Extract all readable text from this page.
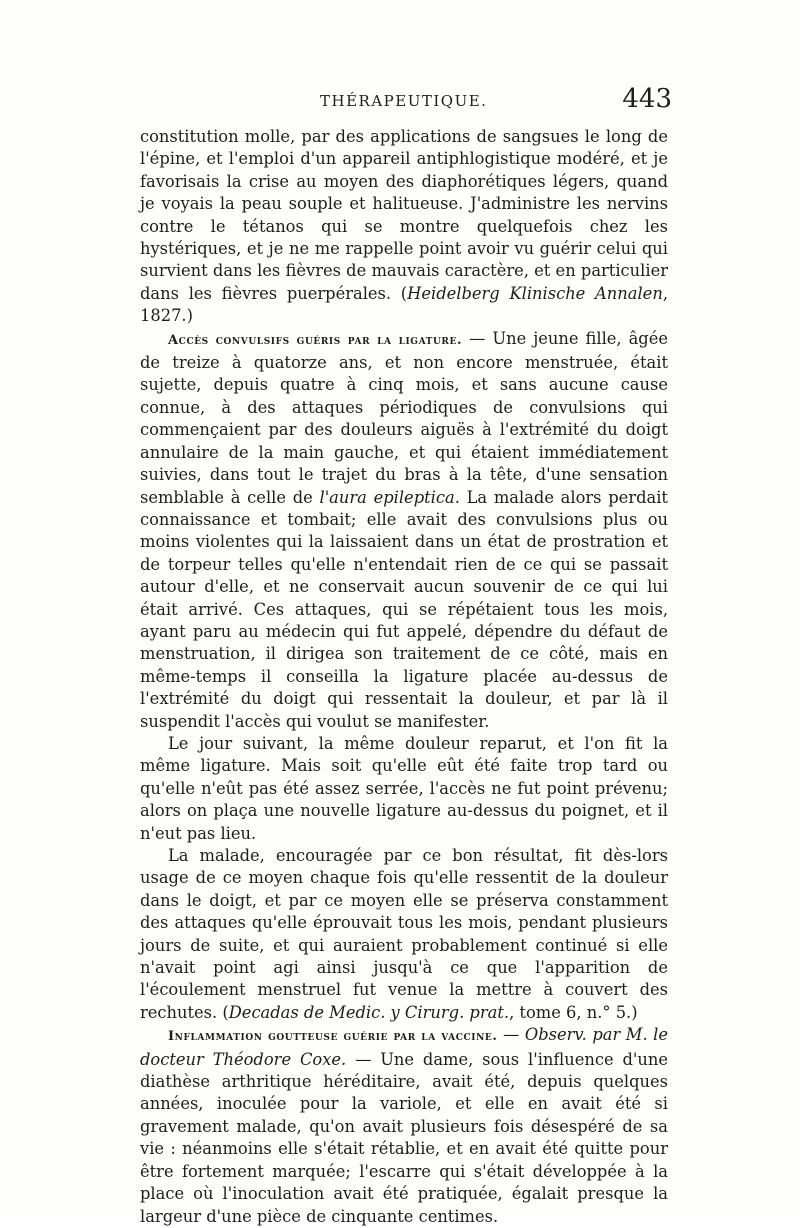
THÉRAPEUTIQUE.	443

constitution molle, par des applications de sangsues le long de l'épine, et l'emploi d'un appareil antiphlogistique modéré, et je favorisais la crise au moyen des diaphorétiques légers, quand je voyais la peau souple et halitueuse. J'administre les nervins contre le tétanos qui se montre quelquefois chez les hystériques, et je ne me rappelle point avoir vu guérir celui qui survient dans les fièvres de mauvais caractère, et en particulier dans les fièvres puerpérales. (Heidelberg Klinische Annalen, 1827.)

Accès convulsifs guéris par la ligature. — Une jeune fille, âgée de treize à quatorze ans, et non encore menstruée, était sujette, depuis quatre à cinq mois, et sans aucune cause connue, à des attaques périodiques de convulsions qui commençaient par des douleurs aiguës à l'extrémité du doigt annulaire de la main gauche, et qui étaient immédiatement suivies, dans tout le trajet du bras à la tête, d'une sensation semblable à celle de l'aura epileptica. La malade alors perdait connaissance et tombait; elle avait des convulsions plus ou moins violentes qui la laissaient dans un état de prostration et de torpeur telles qu'elle n'entendait rien de ce qui se passait autour d'elle, et ne conservait aucun souvenir de ce qui lui était arrivé. Ces attaques, qui se répétaient tous les mois, ayant paru au médecin qui fut appelé, dépendre du défaut de menstruation, il dirigea son traitement de ce côté, mais en même-temps il conseilla la ligature placée au-dessus de l'extrémité du doigt qui ressentait la douleur, et par là il suspendit l'accès qui voulut se manifester.

Le jour suivant, la même douleur reparut, et l'on fit la même ligature. Mais soit qu'elle eût été faite trop tard ou qu'elle n'eût pas été assez serrée, l'accès ne fut point prévenu; alors on plaça une nouvelle ligature au-dessus du poignet, et il n'eut pas lieu.

La malade, encouragée par ce bon résultat, fit dès-lors usage de ce moyen chaque fois qu'elle ressentit de la douleur dans le doigt, et par ce moyen elle se préserva constamment des attaques qu'elle éprouvait tous les mois, pendant plusieurs jours de suite, et qui auraient probablement continué si elle n'avait point agi ainsi jusqu'à ce que l'apparition de l'écoulement menstruel fut venue la mettre à couvert des rechutes. (Decadas de Medic. y Cirurg. prat., tome 6, n.° 5.)

Inflammation goutteuse guérie par la vaccine. — Observ. par M. le docteur Théodore Coxe. — Une dame, sous l'influence d'une diathèse arthritique héréditaire, avait été, depuis quelques années, inoculée pour la variole, et elle en avait été si gravement malade, qu'on avait plusieurs fois désespéré de sa vie : néanmoins elle s'était rétablie, et en avait été quitte pour être fortement marquée; l'escarre qui s'était développée à la place où l'inoculation avait été pratiquée, égalait presque la largeur d'une pièce de cinquante centimes.
